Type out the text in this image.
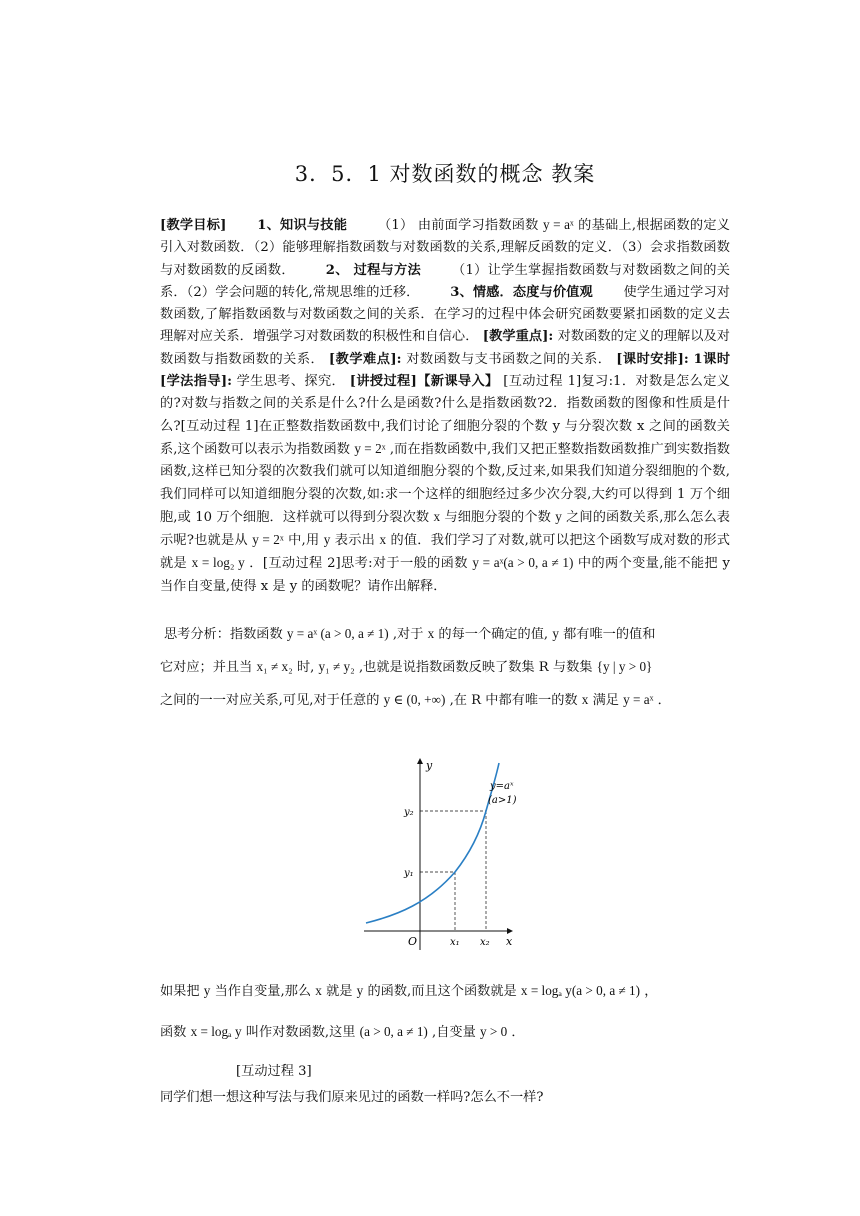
3．5．1 对数函数的概念 教案
[教学目标] 1、知识与技能 （1） 由前面学习指数函数 y = aˣ 的基础上,根据函数的定义引入对数函数．（2）能够理解指数函数与对数函数的关系,理解反函数的定义．（3）会求指数函数与对数函数的反函数． 2、 过程与方法 （1）让学生掌握指数函数与对数函数之间的关系．（2）学会问题的转化,常规思维的迁移． 3、情感．态度与价值观 使学生通过学习对数函数,了解指数函数与对数函数之间的关系．在学习的过程中体会研究函数要紧扣函数的定义去理解对应关系．增强学习对数函数的积极性和自信心． [教学重点]: 对数函数的定义的理解以及对数函数与指数函数的关系． [教学难点]: 对数函数与支书函数之间的关系． [课时安排]: 1课时 [学法指导]: 学生思考、探究． [讲授过程]【新课导入】 [互动过程 1]复习:1．对数是怎么定义的?对数与指数之间的关系是什么?什么是函数?什么是指数函数?2．指数函数的图像和性质是什么?[互动过程 1]在正整数指数函数中,我们讨论了细胞分裂的个数 y 与分裂次数 x 之间的函数关系,这个函数可以表示为指数函数 y = 2ˣ ,而在指数函数中,我们又把正整数指数函数推广到实数指数函数,这样已知分裂的次数我们就可以知道细胞分裂的个数,反过来,如果我们知道分裂细胞的个数,我们同样可以知道细胞分裂的次数,如:求一个这样的细胞经过多少次分裂,大约可以得到 1 万个细胞,或 10 万个细胞．这样就可以得到分裂次数 x 与细胞分裂的个数 y 之间的函数关系,那么怎么表示呢?也就是从 y = 2ˣ 中,用 y 表示出 x 的值．我们学习了对数,就可以把这个函数写成对数的形式就是 x = log₂ y ．[互动过程 2]思考:对于一般的函数 y = aˣ(a > 0, a ≠ 1) 中的两个变量,能不能把 y 当作自变量,使得 x 是 y 的函数呢？请作出解释．

思考分析：指数函数 y = aˣ (a > 0, a ≠ 1) ,对于 x 的每一个确定的值, y 都有唯一的值和

它对应；并且当 x₁ ≠ x₂ 时, y₁ ≠ y₂ ,也就是说指数函数反映了数集 R 与数集 {y | y > 0}

之间的一一对应关系,可见,对于任意的 y ∈ (0, +∞) ,在 R 中都有唯一的数 x 满足 y = aˣ ．

y
x
O
y₁
y₂
x₁ x₂
y=aˣ
(a>1)

如果把 y 当作自变量,那么 x 就是 y 的函数,而且这个函数就是 x = logₐ y(a > 0, a ≠ 1) ，

函数 x = logₐ y 叫作对数函数,这里 (a > 0, a ≠ 1) ,自变量 y > 0 ．

[互动过程 3]
同学们想一想这种写法与我们原来见过的函数一样吗?怎么不一样?
